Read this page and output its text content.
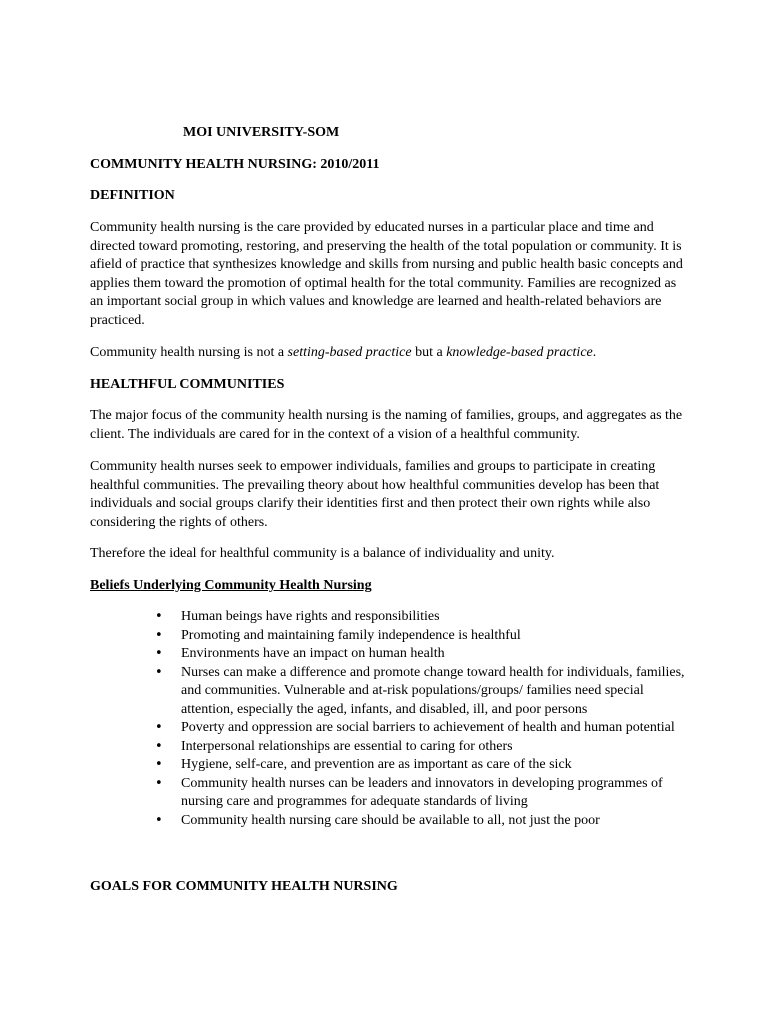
MOI UNIVERSITY-SOM

COMMUNITY HEALTH NURSING: 2010/2011

DEFINITION

Community health nursing is the care provided by educated nurses in a particular place and time and directed toward promoting, restoring, and preserving the health of the total population or community. It is afield of practice that synthesizes knowledge and skills from nursing and public health basic concepts and applies them toward the promotion of optimal health for the total community. Families are recognized as an important social group in which values and knowledge are learned and health-related behaviors are practiced.

Community health nursing is not a setting-based practice but a knowledge-based practice.

HEALTHFUL COMMUNITIES

The major focus of the community health nursing is the naming of families, groups, and aggregates as the client. The individuals are cared for in the context of a vision of a healthful community.

Community health nurses seek to empower individuals, families and groups to participate in creating healthful communities. The prevailing theory about how healthful communities develop has been that individuals and social groups clarify their identities first and then protect their own rights while also considering the rights of others.

Therefore the ideal for healthful community is a balance of individuality and unity.

Beliefs Underlying Community Health Nursing

• Human beings have rights and responsibilities
• Promoting and maintaining family independence is healthful
• Environments have an impact on human health
• Nurses can make a difference and promote change toward health for individuals, families, and communities. Vulnerable and at-risk populations/groups/ families need special attention, especially the aged, infants, and disabled, ill, and poor persons
• Poverty and oppression are social barriers to achievement of health and human potential
• Interpersonal relationships are essential to caring for others
• Hygiene, self-care, and prevention are as important as care of the sick
• Community health nurses can be leaders and innovators in developing programmes of nursing care and programmes for adequate standards of living
• Community health nursing care should be available to all, not just the poor

GOALS FOR COMMUNITY HEALTH NURSING
